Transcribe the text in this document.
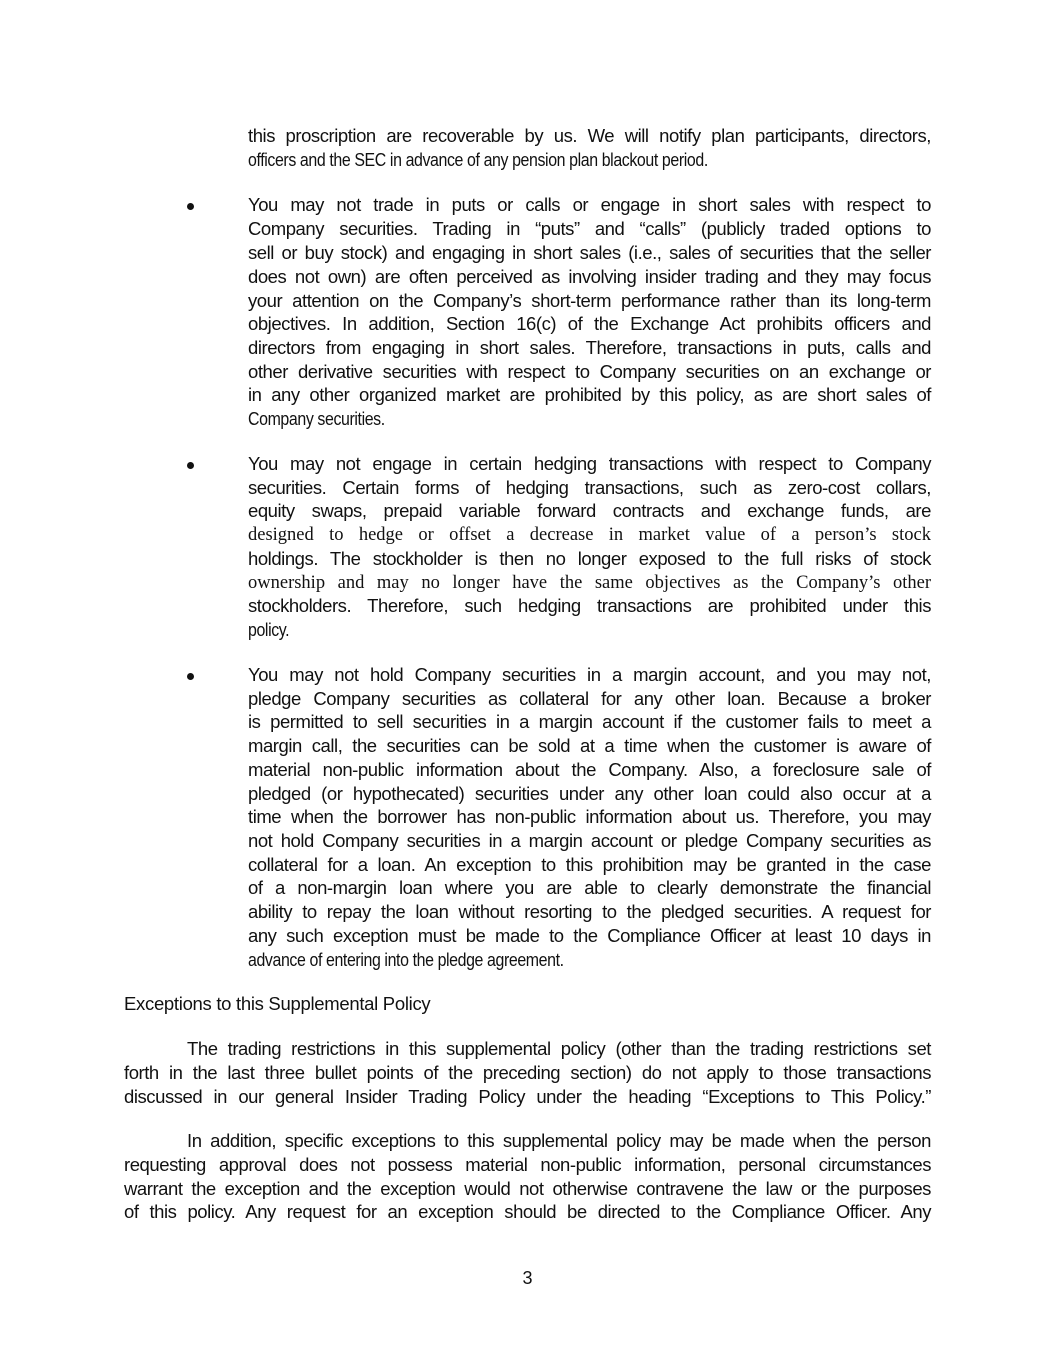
this proscription are recoverable by us. We will notify plan participants, directors,
officers and the SEC in advance of any pension plan blackout period.
You may not trade in puts or calls or engage in short sales with respect to
Company securities. Trading in “puts” and “calls” (publicly traded options to
sell or buy stock) and engaging in short sales (i.e., sales of securities that the seller
does not own) are often perceived as involving insider trading and they may focus
your attention on the Company’s short-term performance rather than its long-term
objectives. In addition, Section 16(c) of the Exchange Act prohibits officers and
directors from engaging in short sales. Therefore, transactions in puts, calls and
other derivative securities with respect to Company securities on an exchange or
in any other organized market are prohibited by this policy, as are short sales of
Company securities.
You may not engage in certain hedging transactions with respect to Company
securities. Certain forms of hedging transactions, such as zero-cost collars,
equity swaps, prepaid variable forward contracts and exchange funds, are
designed to hedge or offset a decrease in market value of a person’s stock
holdings. The stockholder is then no longer exposed to the full risks of stock
ownership and may no longer have the same objectives as the Company’s other
stockholders. Therefore, such hedging transactions are prohibited under this
policy.
You may not hold Company securities in a margin account, and you may not,
pledge Company securities as collateral for any other loan. Because a broker
is permitted to sell securities in a margin account if the customer fails to meet a
margin call, the securities can be sold at a time when the customer is aware of
material non-public information about the Company. Also, a foreclosure sale of
pledged (or hypothecated) securities under any other loan could also occur at a
time when the borrower has non-public information about us. Therefore, you may
not hold Company securities in a margin account or pledge Company securities as
collateral for a loan. An exception to this prohibition may be granted in the case
of a non-margin loan where you are able to clearly demonstrate the financial
ability to repay the loan without resorting to the pledged securities. A request for
any such exception must be made to the Compliance Officer at least 10 days in
advance of entering into the pledge agreement.
Exceptions to this Supplemental Policy
The trading restrictions in this supplemental policy (other than the trading restrictions set
forth in the last three bullet points of the preceding section) do not apply to those transactions
discussed in our general Insider Trading Policy under the heading “Exceptions to This Policy.”
In addition, specific exceptions to this supplemental policy may be made when the person
requesting approval does not possess material non-public information, personal circumstances
warrant the exception and the exception would not otherwise contravene the law or the purposes
of this policy. Any request for an exception should be directed to the Compliance Officer. Any
3
